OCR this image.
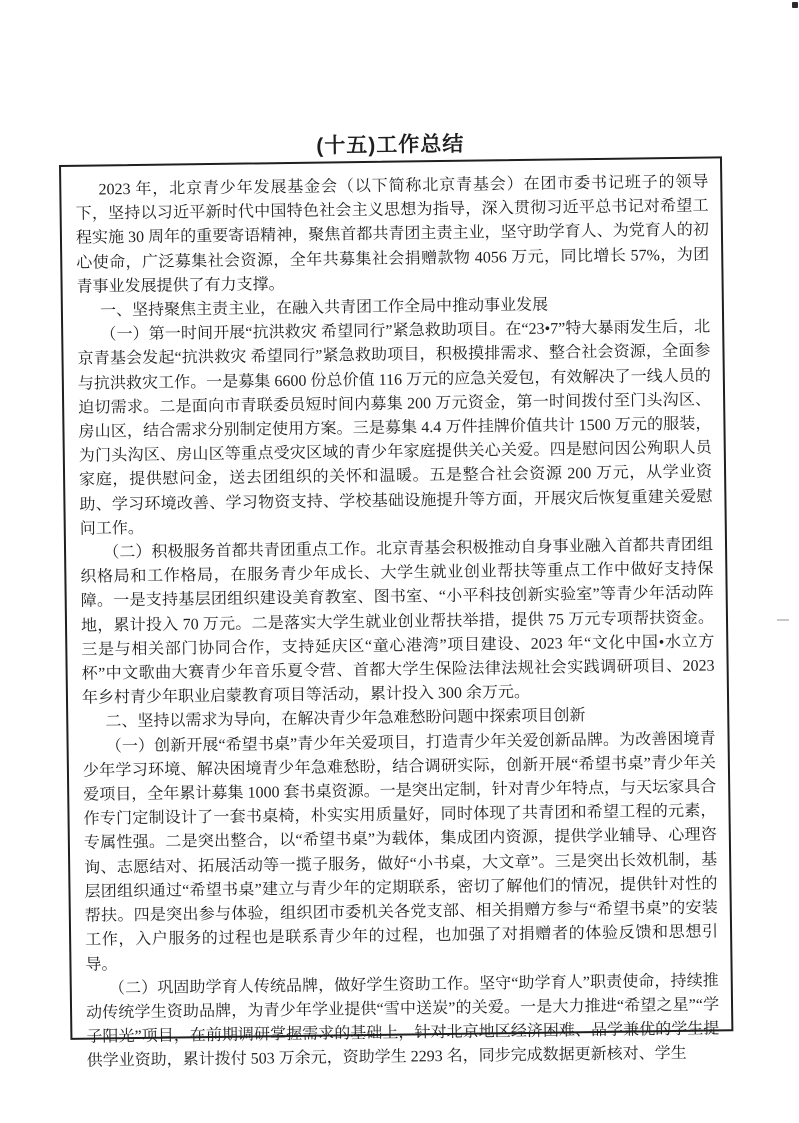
(十五)工作总结

2023 年，北京青少年发展基金会（以下简称北京青基会）在团市委书记班子的领导下，坚持以习近平新时代中国特色社会主义思想为指导，深入贯彻习近平总书记对希望工程实施 30 周年的重要寄语精神，聚焦首都共青团主责主业，坚守助学育人、为党育人的初心使命，广泛募集社会资源，全年共募集社会捐赠款物 4056 万元，同比增长 57%，为团青事业发展提供了有力支撑。

一、坚持聚焦主责主业，在融入共青团工作全局中推动事业发展

（一）第一时间开展“抗洪救灾 希望同行”紧急救助项目。在“23•7”特大暴雨发生后，北京青基会发起“抗洪救灾 希望同行”紧急救助项目，积极摸排需求、整合社会资源，全面参与抗洪救灾工作。一是募集 6600 份总价值 116 万元的应急关爱包，有效解决了一线人员的迫切需求。二是面向市青联委员短时间内募集 200 万元资金，第一时间拨付至门头沟区、房山区，结合需求分别制定使用方案。三是募集 4.4 万件挂牌价值共计 1500 万元的服装，为门头沟区、房山区等重点受灾区域的青少年家庭提供关心关爱。四是慰问因公殉职人员家庭，提供慰问金，送去团组织的关怀和温暖。五是整合社会资源 200 万元，从学业资助、学习环境改善、学习物资支持、学校基础设施提升等方面，开展灾后恢复重建关爱慰问工作。

（二）积极服务首都共青团重点工作。北京青基会积极推动自身事业融入首都共青团组织格局和工作格局，在服务青少年成长、大学生就业创业帮扶等重点工作中做好支持保障。一是支持基层团组织建设美育教室、图书室、“小平科技创新实验室”等青少年活动阵地，累计投入 70 万元。二是落实大学生就业创业帮扶举措，提供 75 万元专项帮扶资金。三是与相关部门协同合作，支持延庆区“童心港湾”项目建设、2023 年“文化中国•水立方杯”中文歌曲大赛青少年音乐夏令营、首都大学生保险法律法规社会实践调研项目、2023 年乡村青少年职业启蒙教育项目等活动，累计投入 300 余万元。

二、坚持以需求为导向，在解决青少年急难愁盼问题中探索项目创新

（一）创新开展“希望书桌”青少年关爱项目，打造青少年关爱创新品牌。为改善困境青少年学习环境、解决困境青少年急难愁盼，结合调研实际，创新开展“希望书桌”青少年关爱项目，全年累计募集 1000 套书桌资源。一是突出定制，针对青少年特点，与天坛家具合作专门定制设计了一套书桌椅，朴实实用质量好，同时体现了共青团和希望工程的元素，专属性强。二是突出整合，以“希望书桌”为载体，集成团内资源，提供学业辅导、心理咨询、志愿结对、拓展活动等一揽子服务，做好“小书桌，大文章”。三是突出长效机制，基层团组织通过“希望书桌”建立与青少年的定期联系，密切了解他们的情况，提供针对性的帮扶。四是突出参与体验，组织团市委机关各党支部、相关捐赠方参与“希望书桌”的安装工作，入户服务的过程也是联系青少年的过程，也加强了对捐赠者的体验反馈和思想引导。

（二）巩固助学育人传统品牌，做好学生资助工作。坚守“助学育人”职责使命，持续推动传统学生资助品牌，为青少年学业提供“雪中送炭”的关爱。一是大力推进“希望之星”“学子阳光”项目，在前期调研掌握需求的基础上，针对北京地区经济困难、品学兼优的学生提供学业资助，累计拨付 503 万余元，资助学生 2293 名，同步完成数据更新核对、学生
